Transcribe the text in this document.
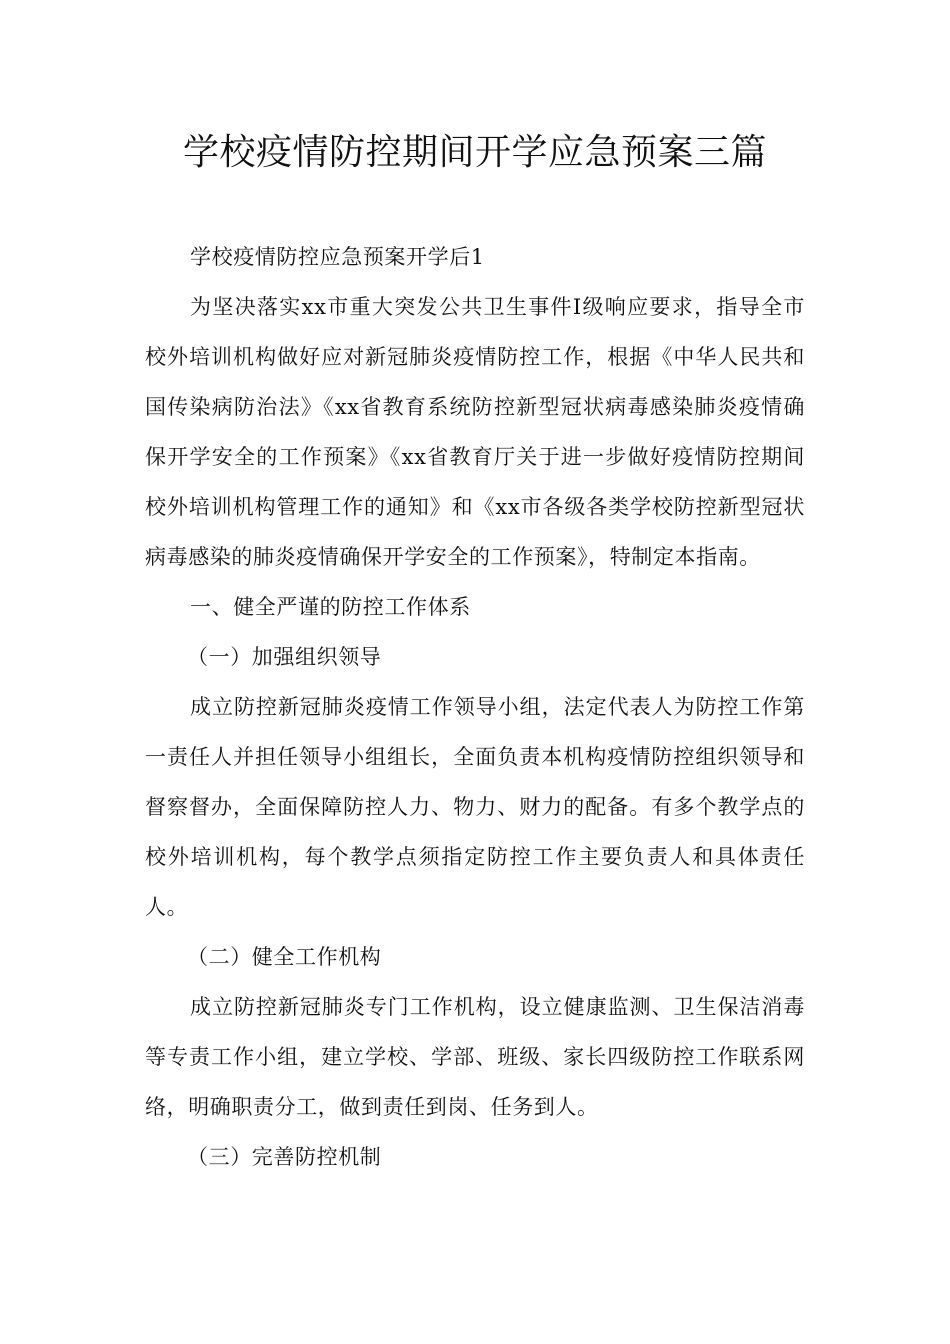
学校疫情防控期间开学应急预案三篇

学校疫情防控应急预案开学后1

为坚决落实xx市重大突发公共卫生事件Ⅰ级响应要求，指导全市校外培训机构做好应对新冠肺炎疫情防控工作，根据《中华人民共和国传染病防治法》《xx省教育系统防控新型冠状病毒感染肺炎疫情确保开学安全的工作预案》《xx省教育厅关于进一步做好疫情防控期间校外培训机构管理工作的通知》和《xx市各级各类学校防控新型冠状病毒感染的肺炎疫情确保开学安全的工作预案》，特制定本指南。

一、健全严谨的防控工作体系

（一）加强组织领导

成立防控新冠肺炎疫情工作领导小组，法定代表人为防控工作第一责任人并担任领导小组组长，全面负责本机构疫情防控组织领导和督察督办，全面保障防控人力、物力、财力的配备。有多个教学点的校外培训机构，每个教学点须指定防控工作主要负责人和具体责任人。

（二）健全工作机构

成立防控新冠肺炎专门工作机构，设立健康监测、卫生保洁消毒等专责工作小组，建立学校、学部、班级、家长四级防控工作联系网络，明确职责分工，做到责任到岗、任务到人。

（三）完善防控机制
